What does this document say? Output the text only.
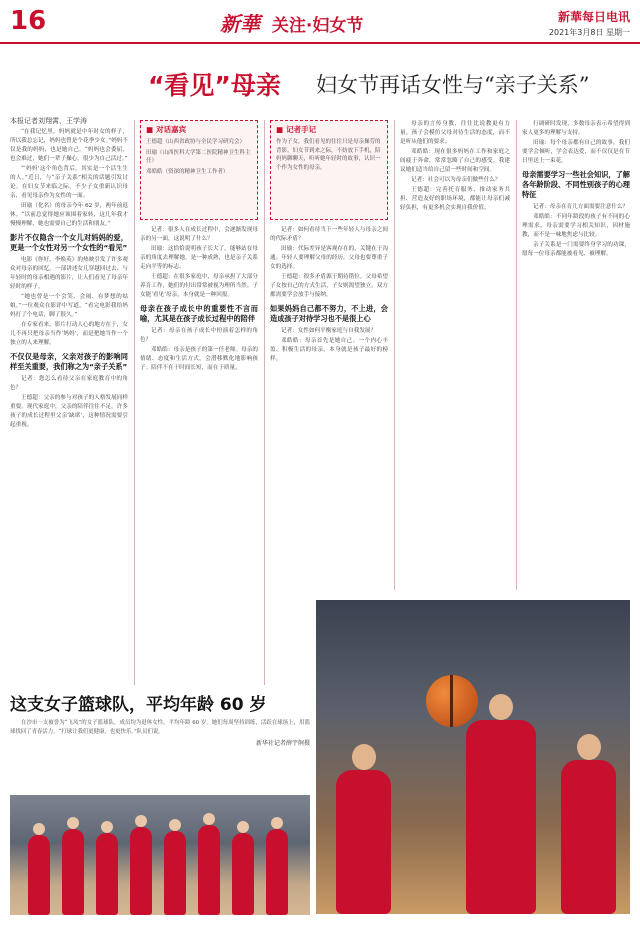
16	新華 关注·妇女节	新華每日电讯
2021年3月8日 星期一
“看见”母亲 妇女节再话女性与“亲子关系”
本报记者刘翔霄、王学涛

“在我记忆里，妈妈就是中年时女的样子，所以我总忘记，妈妈也曾是个花季少女。”妈妈不仅是我的妈妈，也是她自己。“妈妈也会委屈，也会难过，她们一辈子操心，很少为自己活过。”

“‘妈妈’这个角色背后，其实是一个活生生的人。”近日，与“亲子关系”相关的话题引发讨论。在妇女节来临之际，不少子女重新认识母亲，看见母亲作为女性的一面。

田瑜（化名）的母亲今年 62 岁，两年前退休。“以前总觉得她应该围着家转，这几年我才慢慢理解，她也需要自己的生活和朋友。”

影片不仅隐含一个女儿对妈妈的爱，更是一个女性对另一个女性的“看见”

电影《你好，李焕英》的热映引发了许多观众对母亲的回忆。一部讲述女儿穿越回过去、与年轻时的母亲相遇的影片，让人们看见了母亲年轻时的样子。

“她也曾是一个会笑、会闹、有梦想的姑娘。”一位观众在影评中写道，“看完电影我给妈妈打了个电话，聊了很久。”

在专家看来，影片打动人心的地方在于，女儿不再只把母亲当作‘妈妈’，而是把她当作一个独立的人来理解。

不仅仅是母亲，父亲对孩子的影响同样至关重要，我们称之为“亲子关系”

记者：您怎么看待父亲在家庭教育中的角色？

王德超：父亲的参与对孩子的人格发展同样重要。现代家庭中，父亲的陪伴往往不足，许多孩子的成长过程里父亲‘缺席’，这种情况需要引起重视。

■ 对话嘉宾

王德超（山西省政协与全民学习研究会）

田瑜（山西医科大学第二医院精神卫生科主任）

邓皓皓（资深的精神卫生工作者）

记者：很多人在成长过程中，会逐渐发现母亲的另一面，这说明了什么？

田瑜：这恰恰说明孩子长大了。能够站在母亲的角度去理解她，是一种成熟，也是亲子关系走向平等的标志。

王德超：在很多家庭中，母亲承担了大部分养育工作，她们的付出常常被视为理所当然。子女能‘看见’母亲，本身就是一种回报。

母亲在孩子成长中的重要性不言而喻，尤其是在孩子成长过程中的陪伴

记者：母亲在孩子成长中扮演着怎样的角色？

邓皓皓：母亲是孩子的第一任老师。母亲的情绪、态度和生活方式，会潜移默化地影响孩子。陪伴不在于时间长短，而在于质量。

■ 记者手记

作为子女，我们看见的往往只是母亲操劳的背影。妇女节到来之际，不妨放下手机，陪妈妈聊聊天，听听她年轻时的故事，认识一个作为女性的母亲。

记者：如何看待当下一些年轻人与母亲之间的代际矛盾？

田瑜：代际差异是客观存在的，关键在于沟通。年轻人要理解父母的经历，父母也要尊重子女的选择。

王德超：很多矛盾源于期待错位。父母希望子女按自己的方式生活，子女则渴望独立。双方都需要学会放手与接纳。

如果妈妈自己都不努力，不上进，会造成孩子对待学习也不是很上心

记者：女性如何平衡家庭与自我发展？

邓皓皓：母亲首先是她自己。一个内心丰盈、积极生活的母亲，本身就是孩子最好的榜样。

母亲的言传身教，往往比说教更有力量。孩子会模仿父母对待生活的态度，而不是听从他们的要求。

邓皓皓：现在很多妈妈在工作和家庭之间疲于奔命，常常忽略了自己的感受。我建议她们适当给自己留一些时间和空间。

记者：社会可以为母亲们做些什么？

王德超：完善托育服务、推动家务共担、营造友好的职场环境，都能让母亲们减轻负担，有更多机会实现自我价值。

行调研时发现，多数母亲表示希望得到家人更多的理解与支持。

田瑜：每个母亲都有自己的故事。我们要学会倾听，学会表达爱，而不仅仅是在节日里送上一束花。

母亲需要学习一些社会知识，了解各年龄阶段、不同性别孩子的心理特征

记者：母亲在育儿方面需要注意什么？

邓皓皓：不同年龄段的孩子有不同的心理需求，母亲需要学习相关知识，因材施教，而不是一味地焦虑与比较。

亲子关系是一门需要终身学习的功课，愿每一位母亲都能被看见、被理解。

这支女子篮球队，平均年龄 60 岁

在沙市一支被誉为“飞凤”的女子篮球队，成员均为退休女性，平均年龄 60 岁。她们每周坚持训练，活跃在球场上，用篮球找回了青春活力。“打球让我们更健康，也更快乐。”队员们说。

新华社记者薛宇舸摄
